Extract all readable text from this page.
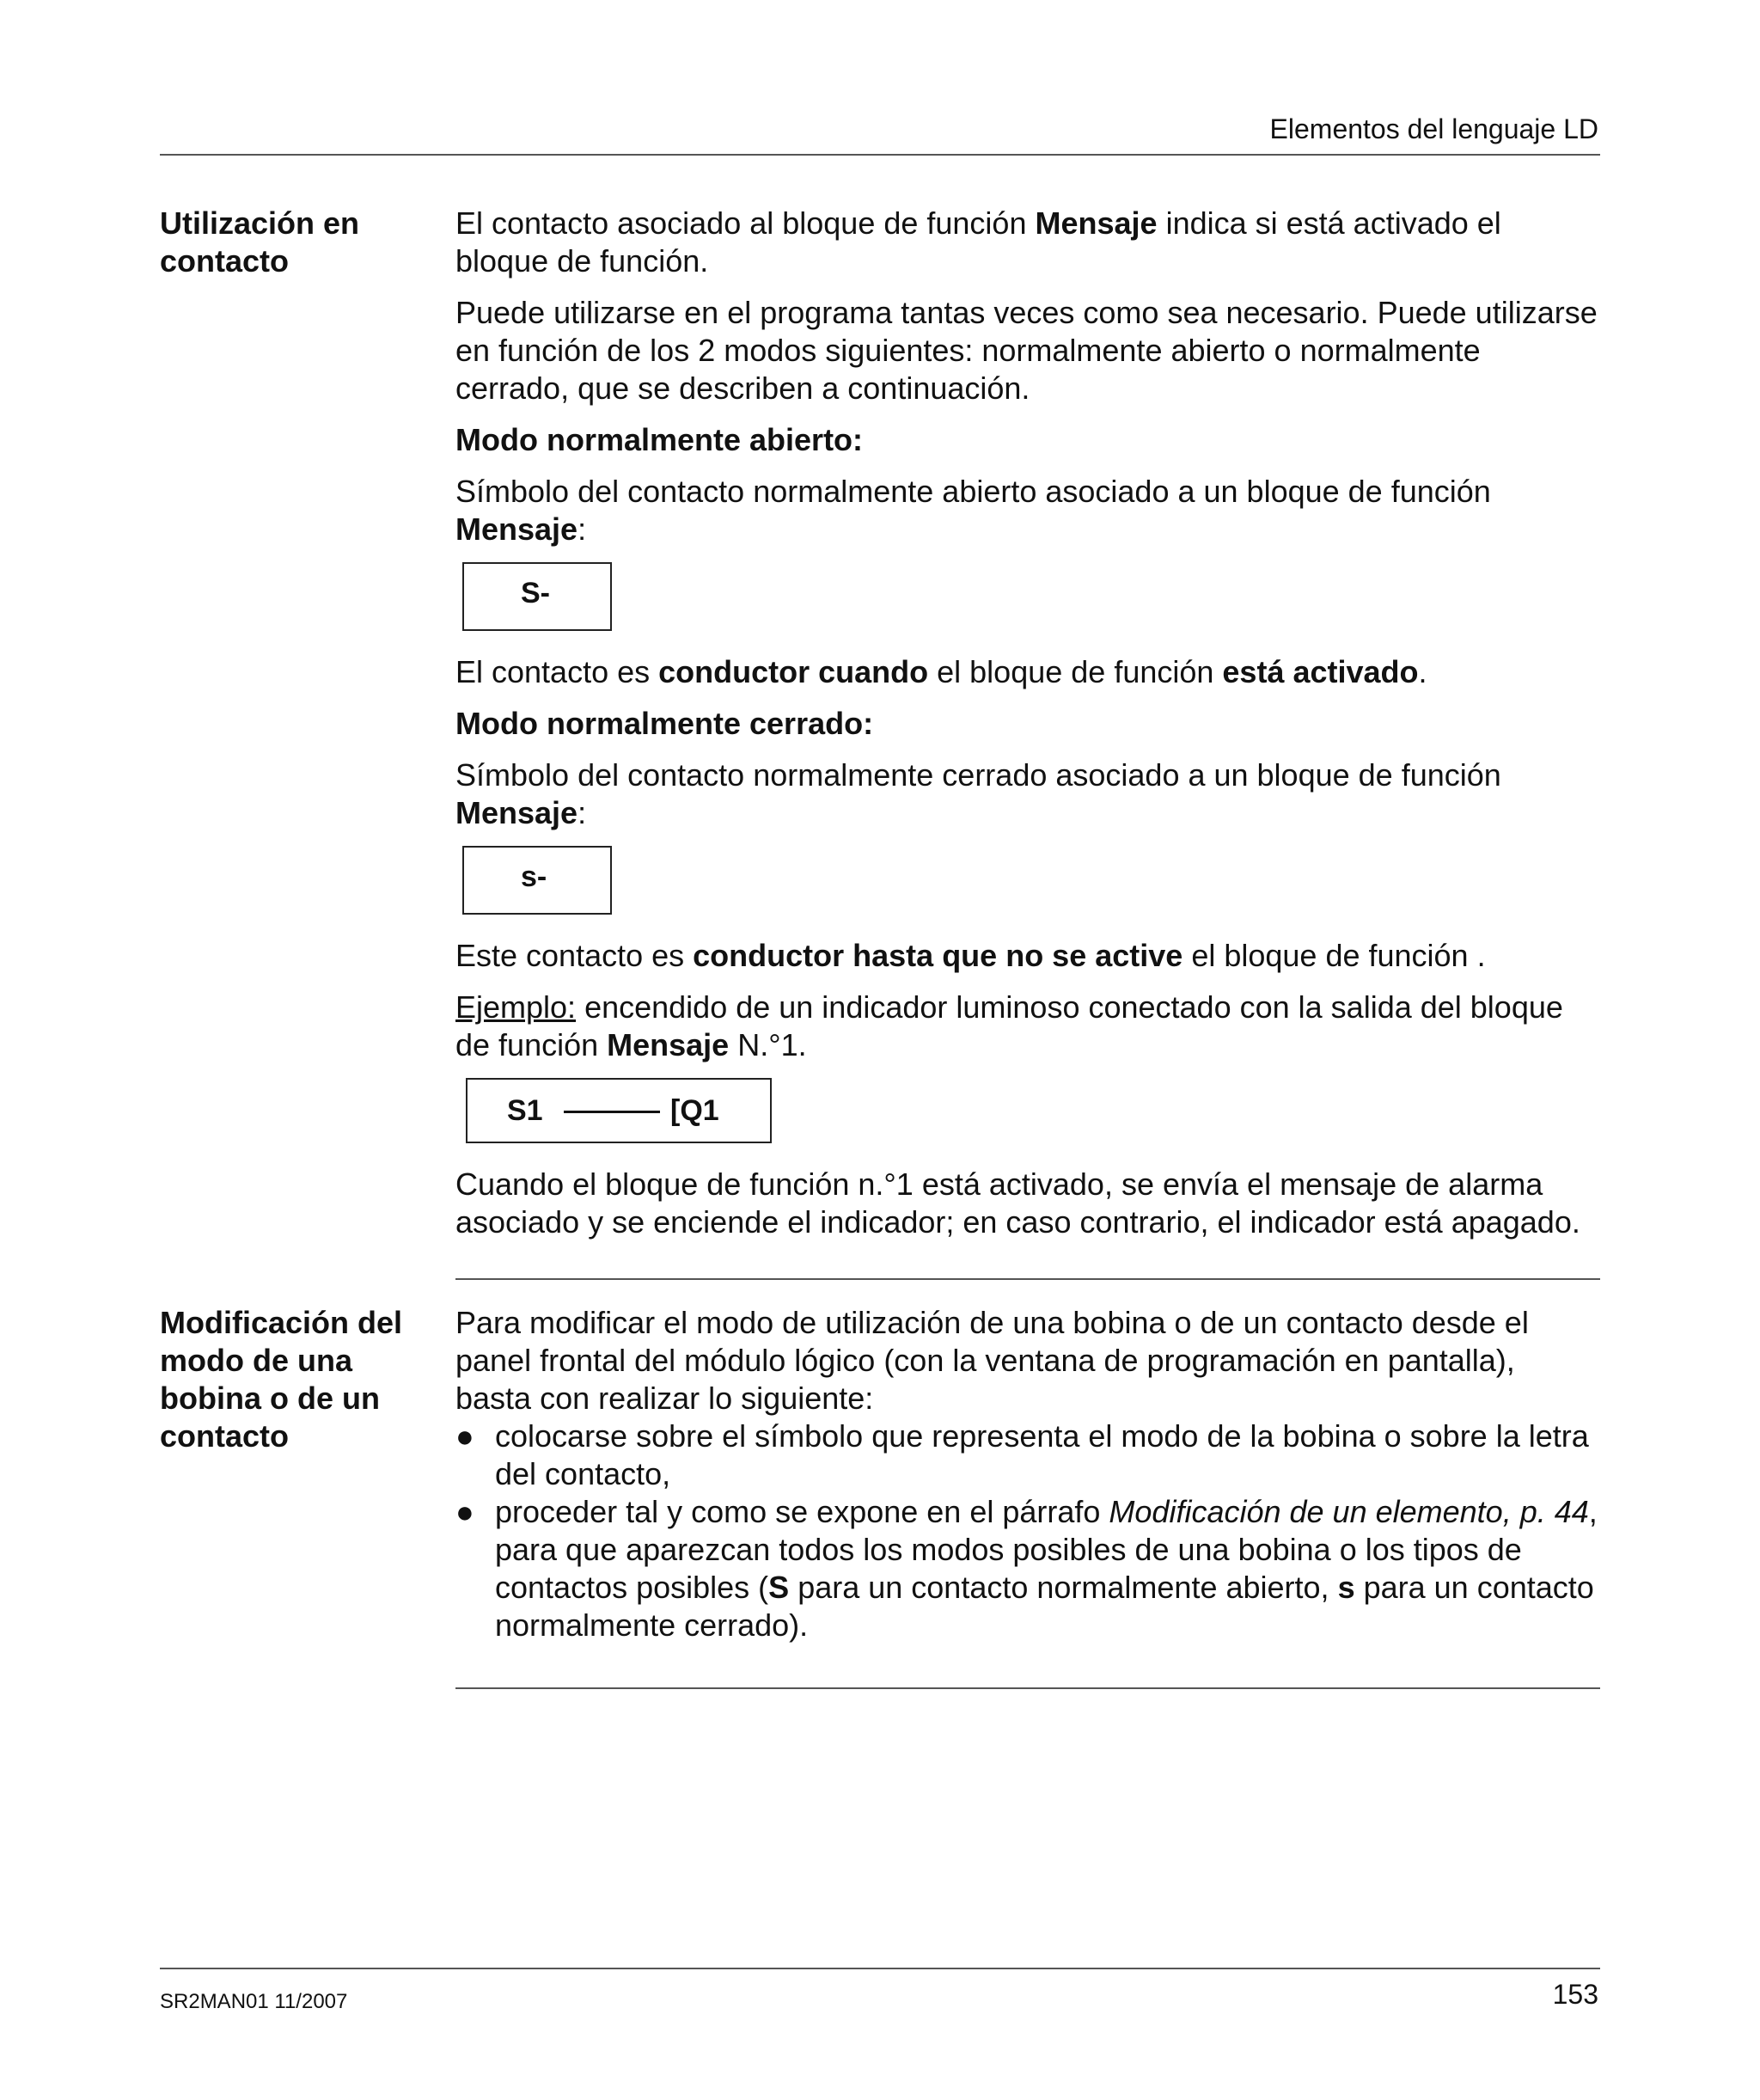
Elementos del lenguaje LD
Utilización en contacto

El contacto asociado al bloque de función Mensaje indica si está activado el bloque de función.

Puede utilizarse en el programa tantas veces como sea necesario. Puede utilizarse en función de los 2 modos siguientes: normalmente abierto o normalmente cerrado, que se describen a continuación.

Modo normalmente abierto:

Símbolo del contacto normalmente abierto asociado a un bloque de función Mensaje:

S-

El contacto es conductor cuando el bloque de función está activado.

Modo normalmente cerrado:

Símbolo del contacto normalmente cerrado asociado a un bloque de función Mensaje:

s-

Este contacto es conductor hasta que no se active el bloque de función .

Ejemplo: encendido de un indicador luminoso conectado con la salida del bloque de función Mensaje N.°1.

S1	[Q1

Cuando el bloque de función n.°1 está activado, se envía el mensaje de alarma asociado y se enciende el indicador; en caso contrario, el indicador está apagado.

Modificación del modo de una bobina o de un contacto
Para modificar el modo de utilización de una bobina o de un contacto desde el panel frontal del módulo lógico (con la ventana de programación en pantalla), basta con realizar lo siguiente:
● colocarse sobre el símbolo que representa el modo de la bobina o sobre la letra del contacto,
● proceder tal y como se expone en el párrafo Modificación de un elemento, p. 44, para que aparezcan todos los modos posibles de una bobina o los tipos de contactos posibles (S para un contacto normalmente abierto, s para un contacto normalmente cerrado).
SR2MAN01 11/2007	153
